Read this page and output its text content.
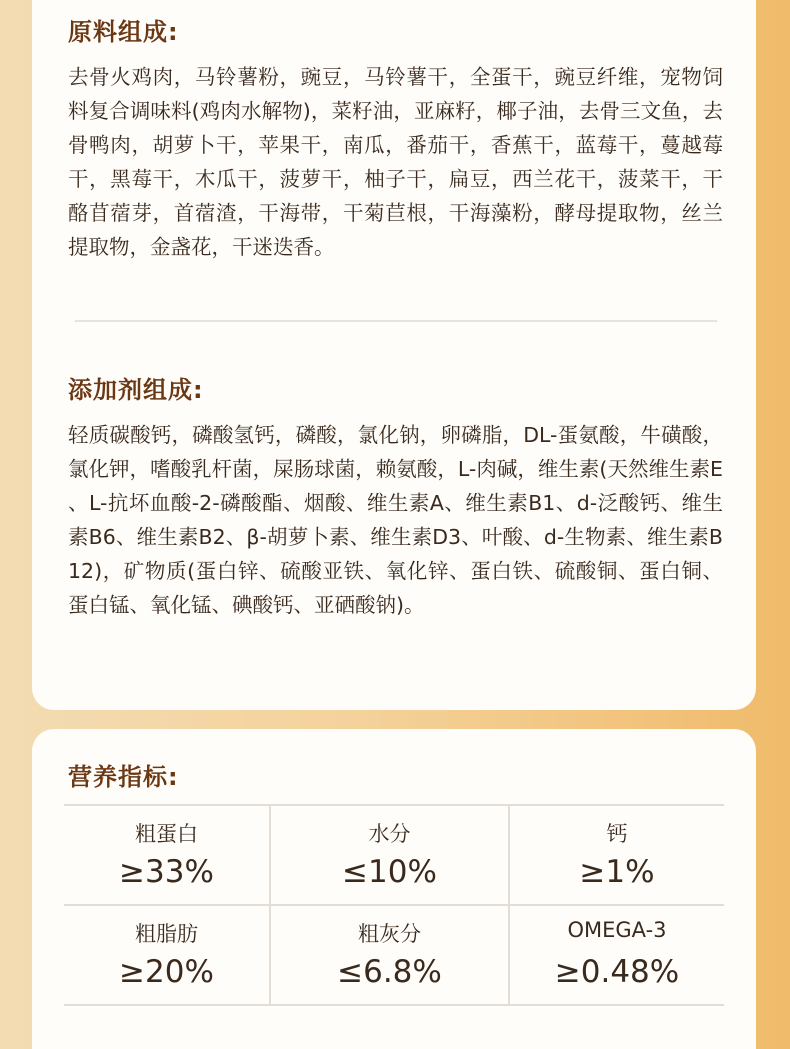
原料组成:

去骨火鸡肉，马铃薯粉，豌豆，马铃薯干，全蛋干，豌豆纤维，宠物饲料复合调味料(鸡肉水解物)，菜籽油，亚麻籽，椰子油，去骨三文鱼，去骨鸭肉，胡萝卜干，苹果干，南瓜，番茄干，香蕉干，蓝莓干，蔓越莓干，黑莓干，木瓜干，菠萝干，柚子干，扁豆，西兰花干，菠菜干，干酪苜蓿芽，首蓿渣，干海带，干菊苣根，干海藻粉，酵母提取物，丝兰提取物，金盏花，干迷迭香。

添加剂组成:

轻质碳酸钙，磷酸氢钙，磷酸，氯化钠，卵磷脂，DL-蛋氨酸，牛磺酸，氯化钾，嗜酸乳杆菌，屎肠球菌，赖氨酸，L-肉碱，维生素(天然维生素E   、L-抗坏血酸-2-磷酸酯、烟酸、维生素A、维生素B1、d-泛酸钙、维生素B6、维生素B2、β-胡萝卜素、维生素D3、叶酸、d-生物素、维生素B12)，矿物质(蛋白锌、硫酸亚铁、氧化锌、蛋白铁、硫酸铜、蛋白铜、蛋白锰、氧化锰、碘酸钙、亚硒酸钠)。

营养指标:
粗蛋白
≥33%
水分
≤10%
钙
≥1%
粗脂肪
≥20%
粗灰分
≤6.8%
OMEGA-3
≥0.48%
